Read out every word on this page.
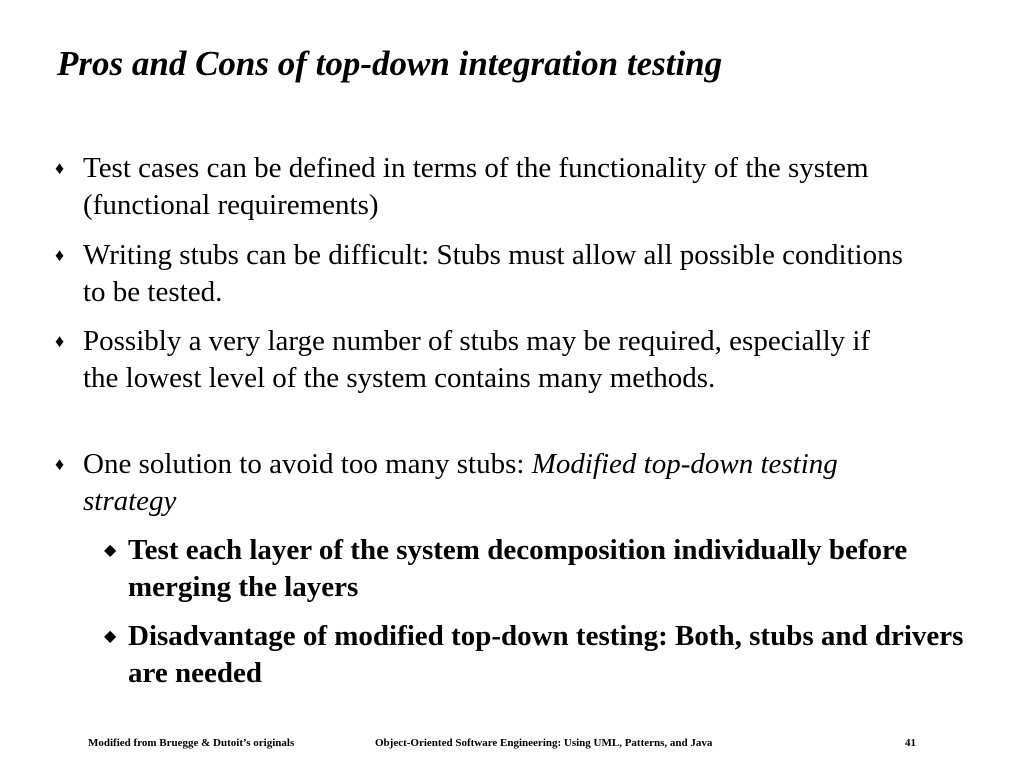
Pros and Cons of top-down integration testing
♦ Test cases can be defined in terms of the functionality of the system (functional requirements)
♦ Writing stubs can be difficult: Stubs must allow all possible conditions to be tested.
♦ Possibly a very large number of stubs may be required, especially if the lowest level of the system contains many methods.
♦ One solution to avoid too many stubs: Modified top-down testing strategy
◆ Test each layer of the system decomposition individually before merging the layers
◆ Disadvantage of modified top-down testing: Both, stubs and drivers are needed
Modified from Bruegge & Dutoit’s originals	Object-Oriented Software Engineering: Using UML, Patterns, and Java	41
